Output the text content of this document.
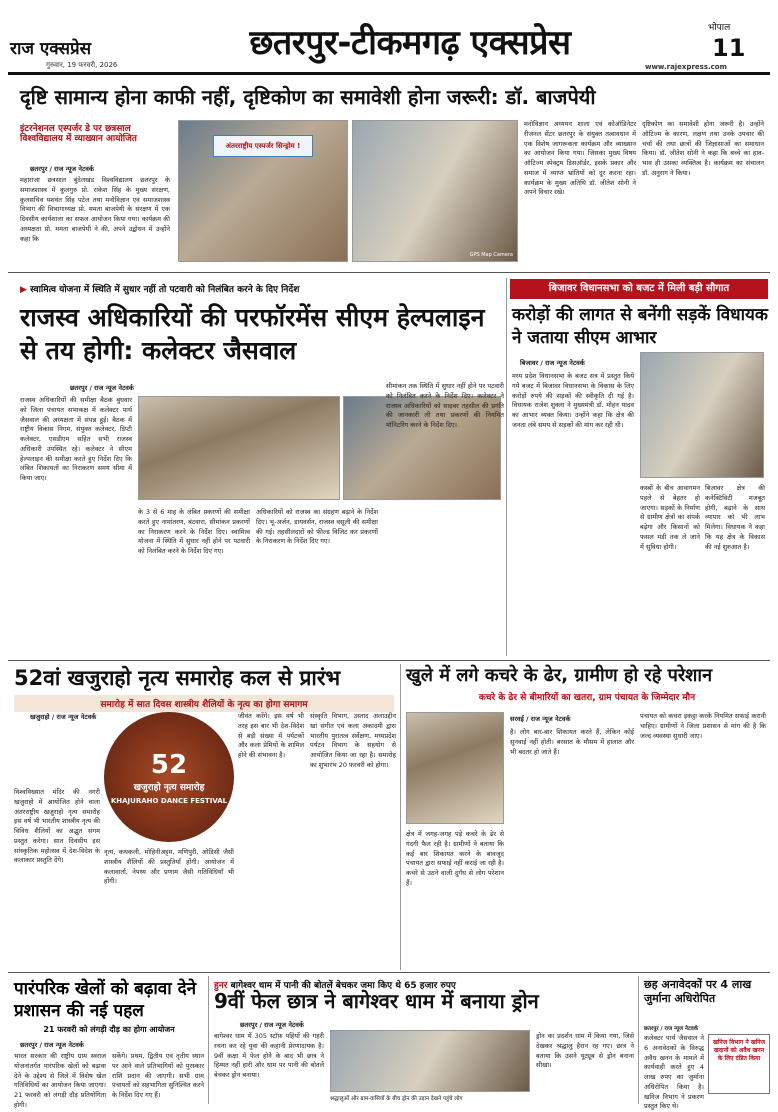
राज एक्सप्रेस
गुरुवार, 19 फरवरी, 2026
छतरपुर-टीकमगढ़ एक्सप्रेस	भोपाल
11
www.rajexpress.com
दृष्टि सामान्य होना काफी नहीं, दृष्टिकोण का समावेशी होना जरूरी: डॉ. बाजपेयी
इंटरनेशनल एस्पर्जर डे पर छत्रसाल विश्वविद्यालय में व्याख्यान आयोजित
छतरपुर / राज न्यूज नेटवर्क
महाराजा छत्रसाल बुंदेलखंड विश्वविद्यालय छतरपुर के समाजशास्त्र में कुलगुरु प्रो. राकेश सिंह के मुख्य संरक्षण, कुलसचिव यशवंत सिंह पटेल तथा मनोविज्ञान एवं समाजशास्त्र विभाग की विभागाध्यक्ष प्रो. ममता बाजपेयी के संरक्षण में एक दिवसीय कार्यशाला का सफल आयोजन किया गया। कार्यक्रम की अध्यक्षता प्रो. ममता बाजपेयी ने की, अपने उद्बोधन में उन्होंने कहा कि
अंतरराष्ट्रीय एस्पर्जर सिन्ड्रोम !
GPS Map Camera
मनोविज्ञान अध्ययन शाला एवं कोऑडिनेटर रीजनल सेंटर छतरपुर के संयुक्त तत्वावधान में एक विशेष जागरूकता कार्यक्रम और व्याख्यान का आयोजन किया गया। जिसका मुख्य विषय ऑटिज्म स्पेक्ट्रम डिसऑर्डर, इसके प्रकार और समाज में व्याप्त भ्रांतियों को दूर करना रहा। कार्यक्रम के मुख्य अतिथि डॉ. जीतेश सोनी ने अपने विचार रखे।
दृष्टिकोण का समावेशी होना जरूरी है। उन्होंने ऑटिज्म के कारण, लक्षण तथा उनके उपचार की चर्चा की तथा छात्रों की जिज्ञासाओं का समाधान किया। डॉ. जीतेश सोनी ने कहा कि बच्चे का हाव-भाव ही उसका व्यक्तित्व है। कार्यक्रम का संचालन डॉ. अनुराग ने किया।
▶ स्वामित्व योजना में स्थिति में सुधार नहीं तो पटवारी को निलंबित करने के दिए निर्देश
राजस्व अधिकारियों की परफॉरमेंस सीएम हेल्पलाइन से तय होगी: कलेक्टर जैसवाल
छतरपुर / राज न्यूज नेटवर्क
राजस्व अधिकारियों की समीक्षा बैठक बुधवार को जिला पंचायत सभाकक्ष में कलेक्टर पार्थ जैसवाल की अध्यक्षता में संपन्न हुई। बैठक में राष्ट्रीय विकास निगम, संयुक्त कलेक्टर, डिप्टी कलेक्टर, एसडीएम सहित सभी राजस्व अधिकारी उपस्थित रहे। कलेक्टर ने सीएम हेल्पलाइन की समीक्षा करते हुए निर्देश दिए कि लंबित शिकायतों का निराकरण समय सीमा में किया जाए।
के 3 से 6 माह के लंबित प्रकरणों की समीक्षा करते हुए नामांतरण, बंटवारा, सीमांकन प्रकरणों का निराकरण करने के निर्देश दिए। स्वामित्व योजना में स्थिति में सुधार नहीं होने पर पटवारी को निलंबित करने के निर्देश दिए गए।
अधिकारियों को राजस्व का संग्रहण बढ़ाने के निर्देश दिए। भू-अर्जन, डायवर्सन, राजस्व वसूली की समीक्षा की गई। तहसीलदारों को फील्ड विजिट कर प्रकरणों के निराकरण के निर्देश दिए गए।
सीमांकन तक स्थिति में सुधार नहीं होने पर पटवारी को निलंबित करने के निर्देश दिए। कलेक्टर ने राजस्व अधिकारियों को साइबर तहसील की प्रगति की जानकारी ली तथा प्रकरणों की नियमित मॉनिटरिंग करने के निर्देश दिए।
बिजावर विधानसभा को बजट में मिली बड़ी सौगात
करोड़ों की लागत से बनेंगी सड़कें विधायक ने जताया सीएम आभार
बिजावर / राज न्यूज नेटवर्क
मध्य प्रदेश विधानसभा के बजट सत्र में प्रस्तुत किये गये बजट में बिजावर विधानसभा के विकास के लिए करोड़ों रुपये की सड़कों की स्वीकृति दी गई है। विधायक राजेश शुक्ला ने मुख्यमंत्री डॉ. मोहन यादव का आभार व्यक्त किया। उन्होंने कहा कि क्षेत्र की जनता लंबे समय से सड़कों की मांग कर रही थी।
कस्बों के बीच आवागमन पहले से बेहतर हो जाएगा। सड़कों के निर्माण से ग्रामीण क्षेत्रों का संपर्क बढ़ेगा और किसानों को फसल मंडी तक ले जाने में सुविधा होगी।
बिजावर क्षेत्र की कनेक्टिविटी मजबूत होगी, बढ़ाने के साथ व्यापार को भी लाभ मिलेगा। विधायक ने कहा कि यह क्षेत्र के विकास की नई शुरुआत है।
52वां खजुराहो नृत्य समारोह कल से प्रारंभ
समारोह में सात दिवस शास्त्रीय शैलियों के नृत्य का होगा समागम
खजुराहो / राज न्यूज नेटवर्क
विश्वविख्यात मंदिर की नगरी खजुराहो में आयोजित होने वाला अंतरराष्ट्रीय खजुराहो नृत्य समारोह इस वर्ष भी भारतीय शास्त्रीय नृत्य की विविध शैलियों का अद्भुत संगम प्रस्तुत करेगा। सात दिवसीय इस सांस्कृतिक महोत्सव में देश-विदेश के कलाकार प्रस्तुति देंगे।
52
खजुराहो नृत्य समारोह
KHAJURAHO DANCE FESTIVAL
जीवंत करेंगे। इस वर्ष भी तरह इस बार भी देश-विदेश से बड़ी संख्या में पर्यटकों और कला प्रेमियों के शामिल होने की संभावना है।
संस्कृति विभाग, उस्ताद अलाउद्दीन खां संगीत एवं कला अकादमी द्वारा भारतीय पुरातत्व सर्वेक्षण, मध्यप्रदेश पर्यटन विभाग के सहयोग से आयोजित किया जा रहा है। समारोह का शुभारंभ 20 फरवरी को होगा।
नृत्य, कथकली, मोहिनीअट्टम, मणिपुरी, ओडिसी जैसी शास्त्रीय शैलियों की प्रस्तुतियाँ होंगी। आयोजन में कलावार्ता, नेपथ्य और प्रणाम जैसी गतिविधियाँ भी होंगी।
खुले में लगे कचरे के ढेर, ग्रामीण हो रहे परेशान
कचरे के ढेर से बीमारियों का खतरा, ग्राम पंचायत के जिम्मेदार मौन
सरवई / राज न्यूज नेटवर्क
क्षेत्र में जगह-जगह पड़े कचरे के ढेर से गंदगी फैल रही है। ग्रामीणों ने बताया कि कई बार शिकायत करने के बावजूद पंचायत द्वारा सफाई नहीं कराई जा रही है। कचरे से उठने वाली दुर्गंध से लोग परेशान हैं।
है। लोग बार-बार शिकायत करते हैं, लेकिन कोई सुनवाई नहीं होती। बरसात के मौसम में हालात और भी बदतर हो जाते हैं।
पंचायत को कचरा इकट्ठा करके नियमित सफाई करानी चाहिए। ग्रामीणों ने जिला प्रशासन से मांग की है कि जल्द व्यवस्था सुधारी जाए।
पारंपरिक खेलों को बढ़ावा देने प्रशासन की नई पहल
21 फरवरी को लंगड़ी दौड़ का होगा आयोजन
छतरपुर / राज न्यूज नेटवर्क
भारत सरकार की राष्ट्रीय ग्राम स्वराज योजनांतर्गत पारंपरिक खेलों को बढ़ावा देने के उद्देश्य से जिले में विशेष खेल गतिविधियों का आयोजन किया जाएगा। 21 फरवरी को लंगड़ी दौड़ प्रतियोगिता होगी।
सकेंगे। प्रथम, द्वितीय एवं तृतीय स्थान पर आने वाले प्रतिभागियों को पुरस्कार राशि प्रदान की जाएगी। सभी ग्राम पंचायतों को सहभागिता सुनिश्चित करने के निर्देश दिए गए हैं।
हुनर बागेश्वर धाम में पानी की बोतलें बेचकर जमा किए थे 65 हजार रुपए
9वीं फेल छात्र ने बागेश्वर धाम में बनाया ड्रोन
छतरपुर / राज न्यूज नेटवर्क
बागेश्वर धाम में 305 स्टॉफ़ पहियों की गहरी रचना कर रहे युवा की कहानी प्रेरणादायक है। 9वीं कक्षा में फेल होने के बाद भी छात्र ने हिम्मत नहीं हारी और धाम पर पानी की बोतलें बेचकर ड्रोन बनाया।
ड्रोन का प्रदर्शन धाम में किया गया, जिसे देखकर श्रद्धालु हैरान रह गए। छात्र ने बताया कि उसने यूट्यूब से ड्रोन बनाना सीखा।
श्रद्धालुओं और ग्राम-वासियों के बीच ड्रोन की उड़ान देखने पहुंचे लोग
छह अनावेदकों पर 4 लाख जुर्माना अधिरोपित
छतरपुर / राज न्यूज नेटवर्क
कलेक्टर पार्थ जैसवाल ने 6 अनावेदकों के विरुद्ध अवैध खनन के मामले में कार्यवाही करते हुए 4 लाख रुपए का जुर्माना अधिरोपित किया है। खनिज विभाग ने प्रकरण प्रस्तुत किए थे।
खनिज विभाग ने खनिज खदानों को अवैध खनन के लिए दंडित किया
